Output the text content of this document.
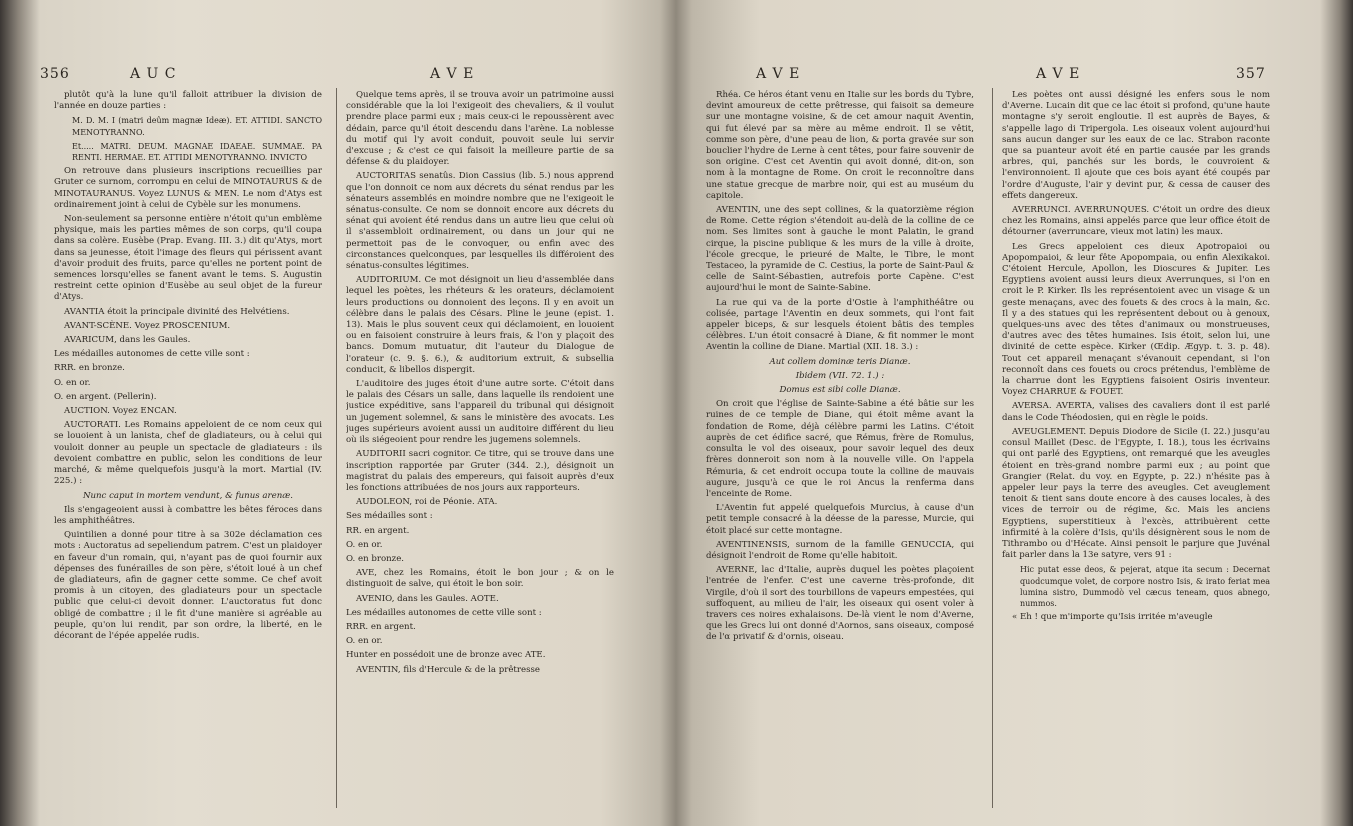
356	A U C	A V E

plutôt qu'à la lune qu'il falloit attribuer la division de l'année en douze parties :

M. D. M. I (matri deûm magnæ Ideæ). ET. ATTIDI. SANCTO MENOTYRANNO.

Et..... MATRI. DEUM. MAGNAE IDAEAE. SUMMAE. PA RENTI. HERMAE. ET. ATTIDI MENOTYRANNO. INVICTO

On retrouve dans plusieurs inscriptions recueillies par Gruter ce surnom, corrompu en celui de MINOTAURUS & de MINOTAURANUS. Voyez LUNUS & MEN. Le nom d'Atys est ordinairement joint à celui de Cybèle sur les monumens.

Non-seulement sa personne entière n'étoit qu'un emblème physique, mais les parties mêmes de son corps, qu'il coupa dans sa colère. Eusèbe (Prap. Evang. III. 3.) dit qu'Atys, mort dans sa jeunesse, étoit l'image des fleurs qui périssent avant d'avoir produit des fruits, parce qu'elles ne portent point de semences lorsqu'elles se fanent avant le tems. S. Augustin restreint cette opinion d'Eusèbe au seul objet de la fureur d'Atys.

AVANTIA étoit la principale divinité des Helvétiens.

AVANT-SCÈNE. Voyez PROSCENIUM.

AVARICUM, dans les Gaules.

Les médailles autonomes de cette ville sont :

RRR. en bronze.

O. en or.

O. en argent. (Pellerin).

AUCTION. Voyez ENCAN.

AUCTORATI. Les Romains appeloient de ce nom ceux qui se louoient à un lanista, chef de gladiateurs, ou à celui qui vouloit donner au peuple un spectacle de gladiateurs : ils devoient combattre en public, selon les conditions de leur marché, & même quelquefois jusqu'à la mort. Martial (IV. 225.) :

Nunc caput in mortem vendunt, & funus arenæ.

Ils s'engageoient aussi à combattre les bêtes féroces dans les amphithéâtres.

Quintilien a donné pour titre à sa 302e déclamation ces mots : Auctoratus ad sepeliendum patrem. C'est un plaidoyer en faveur d'un romain, qui, n'ayant pas de quoi fournir aux dépenses des funérailles de son père, s'étoit loué à un chef de gladiateurs, afin de gagner cette somme. Ce chef avoit promis à un citoyen, des gladiateurs pour un spectacle public que celui-ci devoit donner. L'auctoratus fut donc obligé de combattre ; il le fit d'une manière si agréable au peuple, qu'on lui rendit, par son ordre, la liberté, en le décorant de l'épée appelée rudis.

Quelque tems après, il se trouva avoir un patrimoine aussi considérable que la loi l'exigeoit des chevaliers, & il voulut prendre place parmi eux ; mais ceux-ci le repoussèrent avec dédain, parce qu'il étoit descendu dans l'arène. La noblesse du motif qui l'y avoit conduit, pouvoit seule lui servir d'excuse ; & c'est ce qui faisoit la meilleure partie de sa défense & du plaidoyer.

AUCTORITAS senatûs. Dion Cassius (lib. 5.) nous apprend que l'on donnoit ce nom aux décrets du sénat rendus par les sénateurs assemblés en moindre nombre que ne l'exigeoit le sénatus-consulte. Ce nom se donnoit encore aux décrets du sénat qui avoient été rendus dans un autre lieu que celui où il s'assembloit ordinairement, ou dans un jour qui ne permettoit pas de le convoquer, ou enfin avec des circonstances quelconques, par lesquelles ils différoient des sénatus-consultes légitimes.

AUDITORIUM. Ce mot désignoit un lieu d'assemblée dans lequel les poètes, les rhéteurs & les orateurs, déclamoient leurs productions ou donnoient des leçons. Il y en avoit un célèbre dans le palais des Césars. Pline le jeune (epist. 1. 13). Mais le plus souvent ceux qui déclamoient, en louoient ou en faisoient construire à leurs frais, & l'on y plaçoit des bancs. Domum mutuatur, dit l'auteur du Dialogue de l'orateur (c. 9. §. 6.), & auditorium extruit, & subsellia conducit, & libellos dispergit.

L'auditoire des juges étoit d'une autre sorte. C'étoit dans le palais des Césars un salle, dans laquelle ils rendoient une justice expéditive, sans l'appareil du tribunal qui désignoit un jugement solemnel, & sans le ministère des avocats. Les juges supérieurs avoient aussi un auditoire différent du lieu où ils siégeoient pour rendre les jugemens solemnels.

AUDITORII sacri cognitor. Ce titre, qui se trouve dans une inscription rapportée par Gruter (344. 2.), désignoit un magistrat du palais des empereurs, qui faisoit auprès d'eux les fonctions attribuées de nos jours aux rapporteurs.

AUDOLEON, roi de Péonie. ATA.

Ses médailles sont :

RR. en argent.

O. en or.

O. en bronze.

AVE, chez les Romains, étoit le bon jour ; & on le distinguoit de salve, qui étoit le bon soir.

AVENIO, dans les Gaules. AOTE.

Les médailles autonomes de cette ville sont :

RRR. en argent.

O. en or.

Hunter en possédoit une de bronze avec ATE.

AVENTIN, fils d'Hercule & de la prêtresse

A V E	A V E	357

Rhéa. Ce héros étant venu en Italie sur les bords du Tybre, devint amoureux de cette prêtresse, qui faisoit sa demeure sur une montagne voisine, & de cet amour naquit Aventin, qui fut élevé par sa mère au même endroit. Il se vêtit, comme son père, d'une peau de lion, & porta gravée sur son bouclier l'hydre de Lerne à cent têtes, pour faire souvenir de son origine. C'est cet Aventin qui avoit donné, dit-on, son nom à la montagne de Rome. On croit le reconnoître dans une statue grecque de marbre noir, qui est au muséum du capitole.

AVENTIN, une des sept collines, & la quatorzième région de Rome. Cette région s'étendoit au-delà de la colline de ce nom. Ses limites sont à gauche le mont Palatin, le grand cirque, la piscine publique & les murs de la ville à droite, l'école grecque, le prieuré de Malte, le Tibre, le mont Testaceo, la pyramide de C. Cestius, la porte de Saint-Paul & celle de Saint-Sébastien, autrefois porte Capène. C'est aujourd'hui le mont de Sainte-Sabine.

La rue qui va de la porte d'Ostie à l'amphithéâtre ou colisée, partage l'Aventin en deux sommets, qui l'ont fait appeler biceps, & sur lesquels étoient bâtis des temples célèbres. L'un étoit consacré à Diane, & fit nommer le mont Aventin la colline de Diane. Martial (XII. 18. 3.) :

Aut collem dominæ teris Dianæ.

Ibidem (VII. 72. 1.) :

Domus est sibi colle Dianæ.

On croit que l'église de Sainte-Sabine a été bâtie sur les ruines de ce temple de Diane, qui étoit même avant la fondation de Rome, déjà célèbre parmi les Latins. C'étoit auprès de cet édifice sacré, que Rémus, frère de Romulus, consulta le vol des oiseaux, pour savoir lequel des deux frères donneroit son nom à la nouvelle ville. On l'appela Rémuria, & cet endroit occupa toute la colline de mauvais augure, jusqu'à ce que le roi Ancus la renferma dans l'enceinte de Rome.

L'Aventin fut appelé quelquefois Murcius, à cause d'un petit temple consacré à la déesse de la paresse, Murcie, qui étoit placé sur cette montagne.

AVENTINENSIS, surnom de la famille GENUCCIA, qui désignoit l'endroit de Rome qu'elle habitoit.

AVERNE, lac d'Italie, auprès duquel les poètes plaçoient l'entrée de l'enfer. C'est une caverne très-profonde, dit Virgile, d'où il sort des tourbillons de vapeurs empestées, qui suffoquent, au milieu de l'air, les oiseaux qui osent voler à travers ces noires exhalaisons. De-là vient le nom d'Averne, que les Grecs lui ont donné d'Aornos, sans oiseaux, composé de l'α privatif & d'ornis, oiseau.

Les poètes ont aussi désigné les enfers sous le nom d'Averne. Lucain dit que ce lac étoit si profond, qu'une haute montagne s'y seroit engloutie. Il est auprès de Bayes, & s'appelle lago di Tripergola. Les oiseaux volent aujourd'hui sans aucun danger sur les eaux de ce lac. Strabon raconte que sa puanteur avoit été en partie causée par les grands arbres, qui, panchés sur les bords, le couvroient & l'environnoient. Il ajoute que ces bois ayant été coupés par l'ordre d'Auguste, l'air y devint pur, & cessa de causer des effets dangereux.

AVERRUNCI. AVERRUNQUES. C'étoit un ordre des dieux chez les Romains, ainsi appelés parce que leur office étoit de détourner (averruncare, vieux mot latin) les maux.

Les Grecs appeloient ces dieux Apotropaioi ou Apopompaioi, & leur fête Apopompaia, ou enfin Alexikakoi. C'étoient Hercule, Apollon, les Dioscures & Jupiter. Les Egyptiens avoient aussi leurs dieux Averrunques, si l'on en croit le P. Kirker. Ils les représentoient avec un visage & un geste menaçans, avec des fouets & des crocs à la main, &c. Il y a des statues qui les représentent debout ou à genoux, quelques-uns avec des têtes d'animaux ou monstrueuses, d'autres avec des têtes humaines. Isis étoit, selon lui, une divinité de cette espèce. Kirker (Œdip. Ægyp. t. 3. p. 48). Tout cet appareil menaçant s'évanouit cependant, si l'on reconnoît dans ces fouets ou crocs prétendus, l'emblème de la charrue dont les Egyptiens faisoient Osiris inventeur. Voyez CHARRUE & FOUET.

AVERSA. AVERTA, valises des cavaliers dont il est parlé dans le Code Théodosien, qui en règle le poids.

AVEUGLEMENT. Depuis Diodore de Sicile (I. 22.) jusqu'au consul Maillet (Desc. de l'Egypte, I. 18.), tous les écrivains qui ont parlé des Egyptiens, ont remarqué que les aveugles étoient en très-grand nombre parmi eux ; au point que Grangier (Relat. du voy. en Egypte, p. 22.) n'hésite pas à appeler leur pays la terre des aveugles. Cet aveuglement tenoit & tient sans doute encore à des causes locales, à des vices de terroir ou de régime, &c. Mais les anciens Egyptiens, superstitieux à l'excès, attribuèrent cette infirmité à la colère d'Isis, qu'ils désignèrent sous le nom de Tithrambo ou d'Hécate. Ainsi pensoit le parjure que Juvénal fait parler dans la 13e satyre, vers 91 :

Hic putat esse deos, & pejerat, atque ita secum : Decernat quodcumque volet, de corpore nostro Isis, & irato feriat mea lumina sistro, Dummodò vel cæcus teneam, quos abnego, nummos.

« Eh ! que m'importe qu'Isis irritée m'aveugle
